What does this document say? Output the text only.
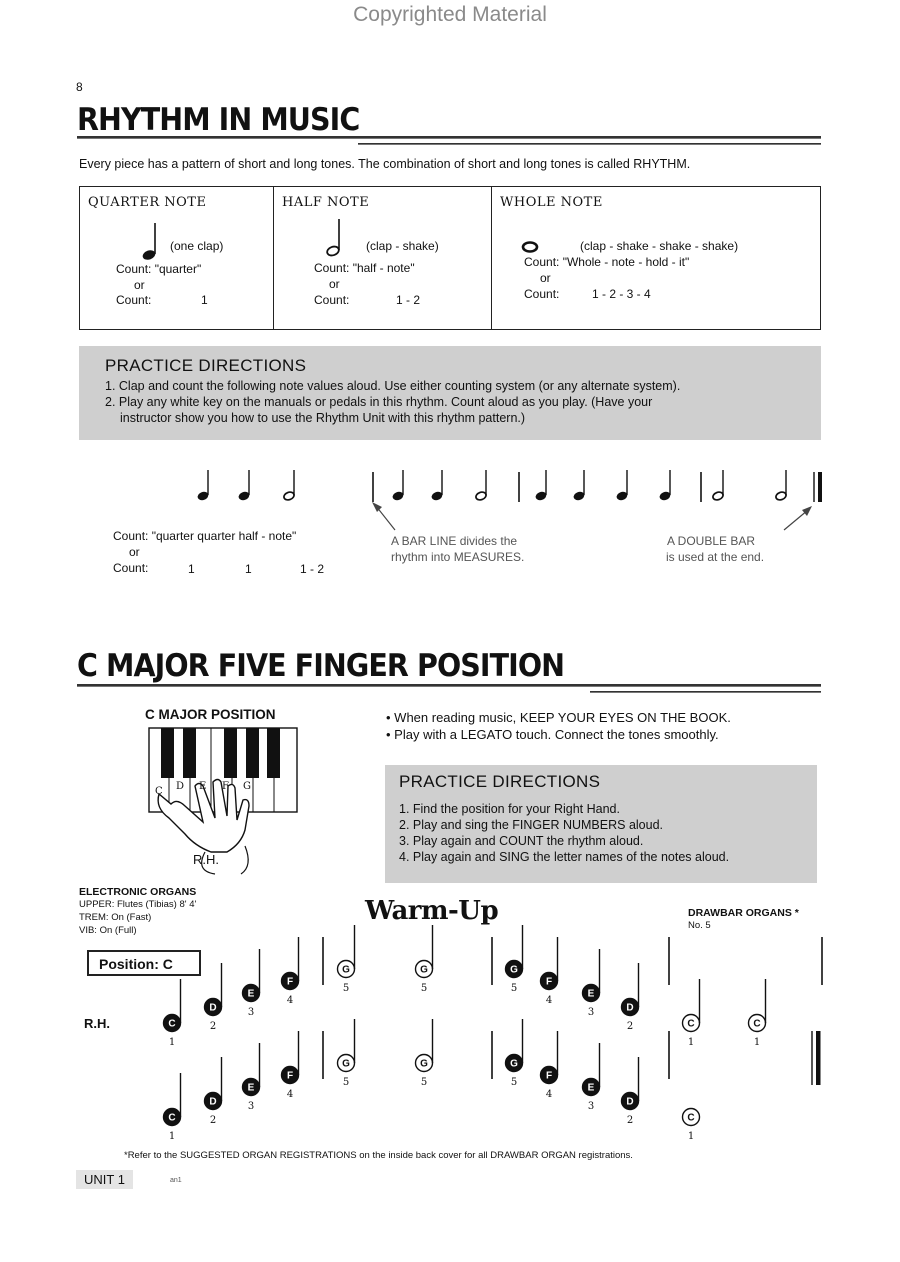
Copyrighted Material
8
RHYTHM IN MUSIC
Every piece has a pattern of short and long tones. The combination of short and long tones is called RHYTHM.
QUARTER NOTE
(one clap)
Count: "quarter"
or
Count:	1
HALF NOTE
(clap - shake)
Count: "half - note"
or
Count:	1 - 2
WHOLE NOTE
(clap - shake - shake - shake)
Count: "Whole - note - hold - it"
or
Count:	1 - 2 - 3 - 4
PRACTICE DIRECTIONS
1. Clap and count the following note values aloud. Use either counting system (or any alternate system).
2. Play any white key on the manuals or pedals in this rhythm. Count aloud as you play. (Have your
instructor show you how to use the Rhythm Unit with this rhythm pattern.)
Count: "quarter quarter half - note"
or
Count:	1	1	1 - 2
A BAR LINE divides the
rhythm into MEASURES.
A DOUBLE BAR
is used at the end.
C MAJOR FIVE FINGER POSITION
C MAJOR POSITION
C D E F G
R.H.
• When reading music, KEEP YOUR EYES ON THE BOOK.
• Play with a LEGATO touch. Connect the tones smoothly.
PRACTICE DIRECTIONS
1. Find the position for your Right Hand.
2. Play and sing the FINGER NUMBERS aloud.
3. Play again and COUNT the rhythm aloud.
4. Play again and SING the letter names of the notes aloud.
ELECTRONIC ORGANS
UPPER: Flutes (Tibias) 8' 4'
TREM: On (Fast)
VIB: On (Full)
Warm-Up	DRAWBAR ORGANS *
No. 5
Position: C
R.H.	C
1
D
2
E
3
F
4
G
5
G
5
G
5
F
4
E
3	D
2	C
1
C
1
C
1
D
2
E
3
F
4
G
5
G
5
G
5
F
4
E
3	D
2	C
1
*Refer to the SUGGESTED ORGAN REGISTRATIONS on the inside back cover for all DRAWBAR ORGAN registrations.
UNIT 1	an1
